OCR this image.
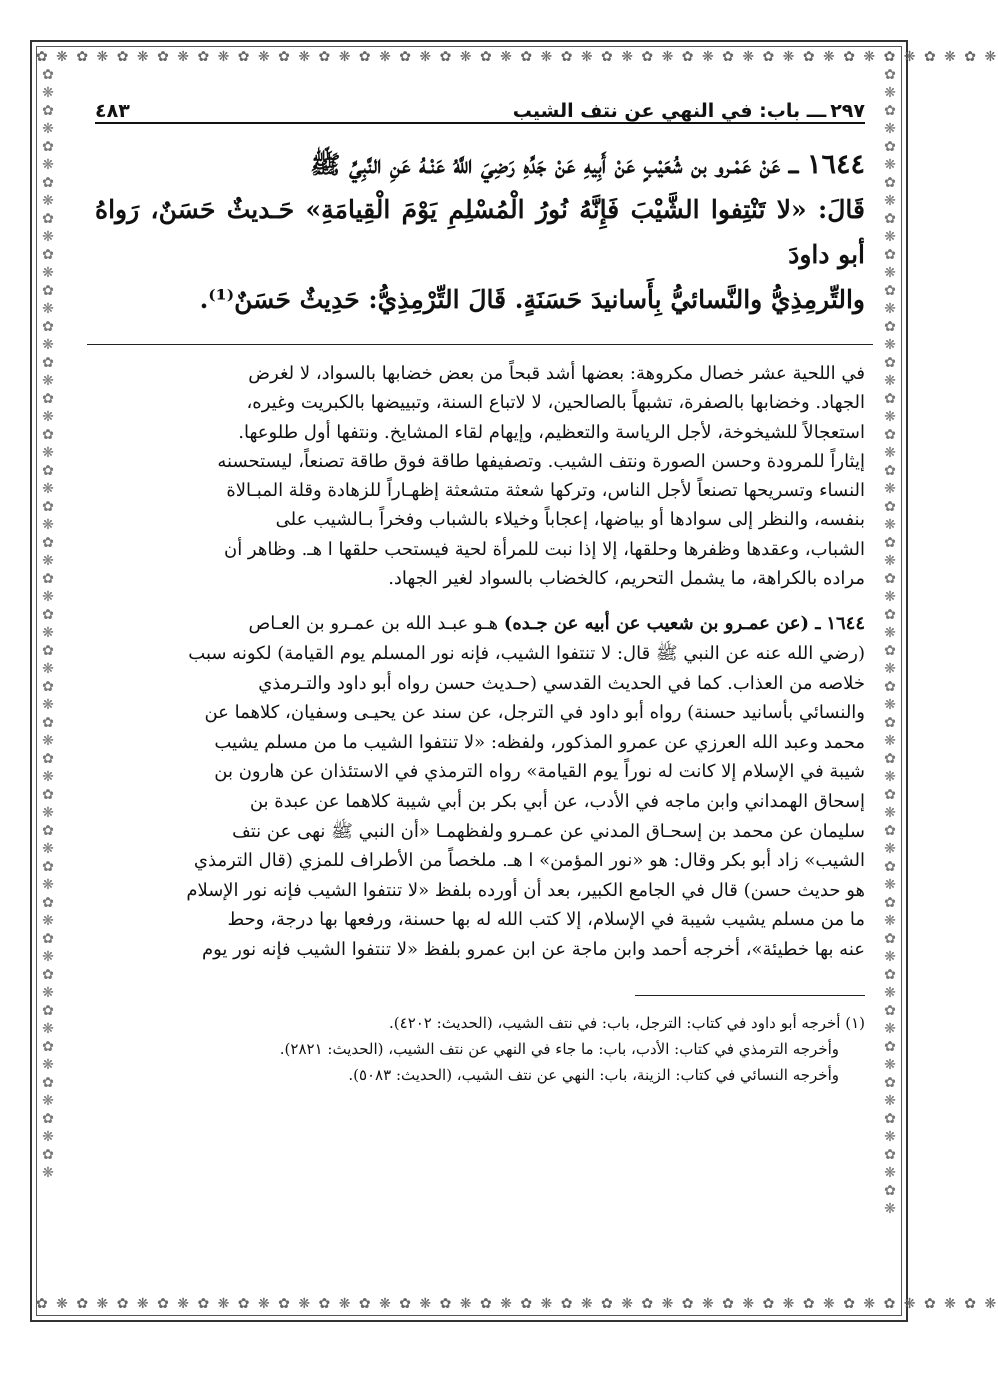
✿ ❋ ✿ ❋ ✿ ❋ ✿ ❋ ✿ ❋ ✿ ❋ ✿ ❋ ✿ ❋ ✿ ❋ ✿ ❋ ✿ ❋ ✿ ❋ ✿ ❋ ✿ ❋ ✿ ❋ ✿ ❋ ✿ ❋ ✿ ❋ ✿ ❋ ✿ ❋ ✿ ❋ ✿ ❋ ✿ ❋ ✿ ❋
✿ ❋ ✿ ❋ ✿ ❋ ✿ ❋ ✿ ❋ ✿ ❋ ✿ ❋ ✿ ❋ ✿ ❋ ✿ ❋ ✿ ❋ ✿ ❋ ✿ ❋ ✿ ❋ ✿ ❋ ✿ ❋ ✿ ❋ ✿ ❋ ✿ ❋ ✿ ❋ ✿ ❋ ✿ ❋ ✿ ❋ ✿ ❋
✿ ❋ ✿ ❋ ✿ ❋ ✿ ❋ ✿ ❋ ✿ ❋ ✿ ❋ ✿ ❋ ✿ ❋ ✿ ❋ ✿ ❋ ✿ ❋ ✿ ❋ ✿ ❋ ✿ ❋ ✿ ❋ ✿ ❋ ✿ ❋ ✿ ❋ ✿ ❋ ✿ ❋ ✿ ❋ ✿ ❋ ✿ ❋ ✿ ❋ ✿ ❋ ✿ ❋ ✿ ❋ ✿ ❋ ✿ ❋ ✿ ❋
✿ ❋ ✿ ❋ ✿ ❋ ✿ ❋ ✿ ❋ ✿ ❋ ✿ ❋ ✿ ❋ ✿ ❋ ✿ ❋ ✿ ❋ ✿ ❋ ✿ ❋ ✿ ❋ ✿ ❋ ✿ ❋ ✿ ❋ ✿ ❋ ✿ ❋ ✿ ❋ ✿ ❋ ✿ ❋ ✿ ❋ ✿ ❋ ✿ ❋ ✿ ❋ ✿ ❋ ✿ ❋ ✿ ❋ ✿ ❋ ✿ ❋ ✿ ❋
٢٩٧ـــ باب: في النهي عن نتف الشيب
٤٨٣
١٦٤٤ ـــ عَنْ عَمْـرو بن شُعَيْبٍ عَنْ أَبِيهِ عَنْ جَدِّهِ رَضِيَ اللَّهُ عَنْـهُ عَنِ النَّبِيِّ ﷺ
قَالَ: «لا تَنْتِفوا الشَّيْبَ فَإِنَّهُ نُورُ الْمُسْلِمِ يَوْمَ الْقِيامَةِ» حَـديثٌ حَسَنٌ، رَواهُ أبو داودَ
والتِّرمِذِيُّ والنَّسائيُّ بِأَسانيدَ حَسَنَةٍ. قَالَ التِّرْمِذِيُّ: حَدِيثٌ حَسَنٌ⁽¹⁾.

في اللحية عشر خصال مكروهة: بعضها أشد قبحاً من بعض خضابها بالسواد، لا لغرض

الجهاد. وخضابها بالصفرة، تشبهاً بالصالحين، لا لاتباع السنة، وتبييضها بالكبريت وغيره،

استعجالاً للشيخوخة، لأجل الرياسة والتعظيم، وإيهام لقاء المشايخ. ونتفها أول طلوعها.

إيثاراً للمرودة وحسن الصورة ونتف الشيب. وتصفيفها طاقة فوق طاقة تصنعاً، ليستحسنه

النساء وتسريحها تصنعاً لأجل الناس، وتركها شعثة متشعثة إظهـاراً للزهادة وقلة المبـالاة

بنفسه، والنظر إلى سوادها أو بياضها، إعجاباً وخيلاء بالشباب وفخراً بـالشيب على

الشباب، وعقدها وظفرها وحلقها، إلا إذا نبت للمرأة لحية فيستحب حلقها ا هـ. وظاهر أن

مراده بالكراهة، ما يشمل التحريم، كالخضاب بالسواد لغير الجهاد.

١٦٤٤ ـ (عن عمـرو بن شعيب عن أبيه عن جـده) هـو عبـد الله بن عمـرو بن العـاص

(رضي الله عنه عن النبي ﷺ قال: لا تنتفوا الشيب، فإنه نور المسلم يوم القيامة) لكونه سبب

خلاصه من العذاب. كما في الحديث القدسي (حـديث حسن رواه أبو داود والتـرمذي

والنسائي بأسانيد حسنة) رواه أبو داود في الترجل، عن سند عن يحيـى وسفيان، كلاهما عن

محمد وعبد الله العرزي عن عمرو المذكور، ولفظه: «لا تنتفوا الشيب ما من مسلم يشيب

شيبة في الإسلام إلا كانت له نوراً يوم القيامة» رواه الترمذي في الاستئذان عن هارون بن

إسحاق الهمداني وابن ماجه في الأدب، عن أبي بكر بن أبي شيبة كلاهما عن عبدة بن

سليمان عن محمد بن إسحـاق المدني عن عمـرو ولفظهمـا «أن النبي ﷺ نهى عن نتف

الشيب» زاد أبو بكر وقال: هو «نور المؤمن» ا هـ. ملخصاً من الأطراف للمزي (قال الترمذي

هو حديث حسن) قال في الجامع الكبير، بعد أن أورده بلفظ «لا تنتفوا الشيب فإنه نور الإسلام

ما من مسلم يشيب شيبة في الإسلام، إلا كتب الله له بها حسنة، ورفعها بها درجة، وحط

عنه بها خطيئة»، أخرجه أحمد وابن ماجة عن ابن عمرو بلفظ «لا تنتفوا الشيب فإنه نور يوم

(١) أخرجه أبو داود في كتاب: الترجل، باب: في نتف الشيب، (الحديث: ٤٢٠٢).

وأخرجه الترمذي في كتاب: الأدب، باب: ما جاء في النهي عن نتف الشيب، (الحديث: ٢٨٢١).

وأخرجه النسائي في كتاب: الزينة، باب: النهي عن نتف الشيب، (الحديث: ٥٠٨٣).
